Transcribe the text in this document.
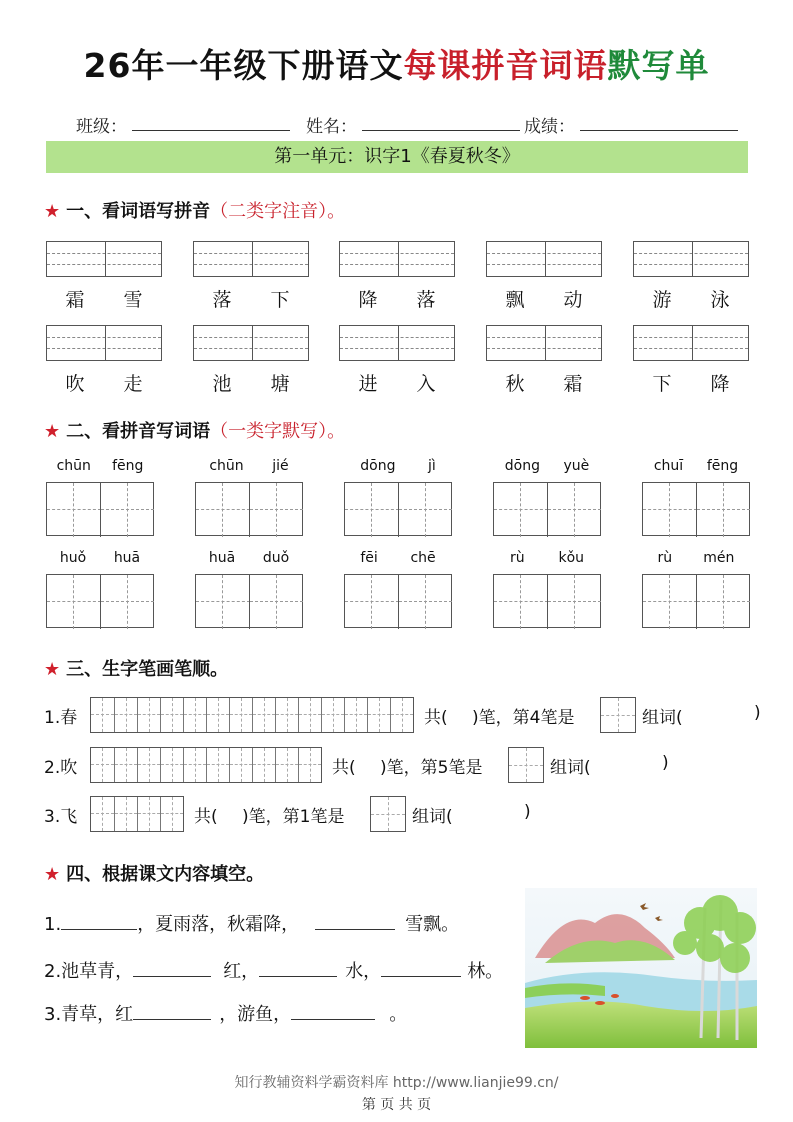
26年一年级下册语文每课拼音词语默写单
班级：	姓名：	成绩：
第一单元：识字1《春夏秋冬》
★ 一、看词语写拼音（二类字注音）。
霜 雪	落 下	降 落	飘 动	游 泳
吹 走	池 塘	进 入	秋 霜	下 降
★ 二、看拼音写词语（一类字默写）。
chūn fēng	chūn jié	dōng jì	dōng yuè	chuī fēng
huǒ huā	huā duǒ	fēi chē	rù kǒu	rù mén
★ 三、生字笔画笔顺。
1.春	共( )笔，第4笔是	组词(	)
2.吹	共( )笔，第5笔是	组词(	)
3.飞	共( )笔，第1笔是	组词(	)
★ 四、根据课文内容填空。
1.	，夏雨落，秋霜降，	雪飘。
2.池草青，	红，	水，	林。
3.青草，红	，游鱼，	。
知行教辅资料学霸资料库 http://www.lianjie99.cn/
第 页 共 页
